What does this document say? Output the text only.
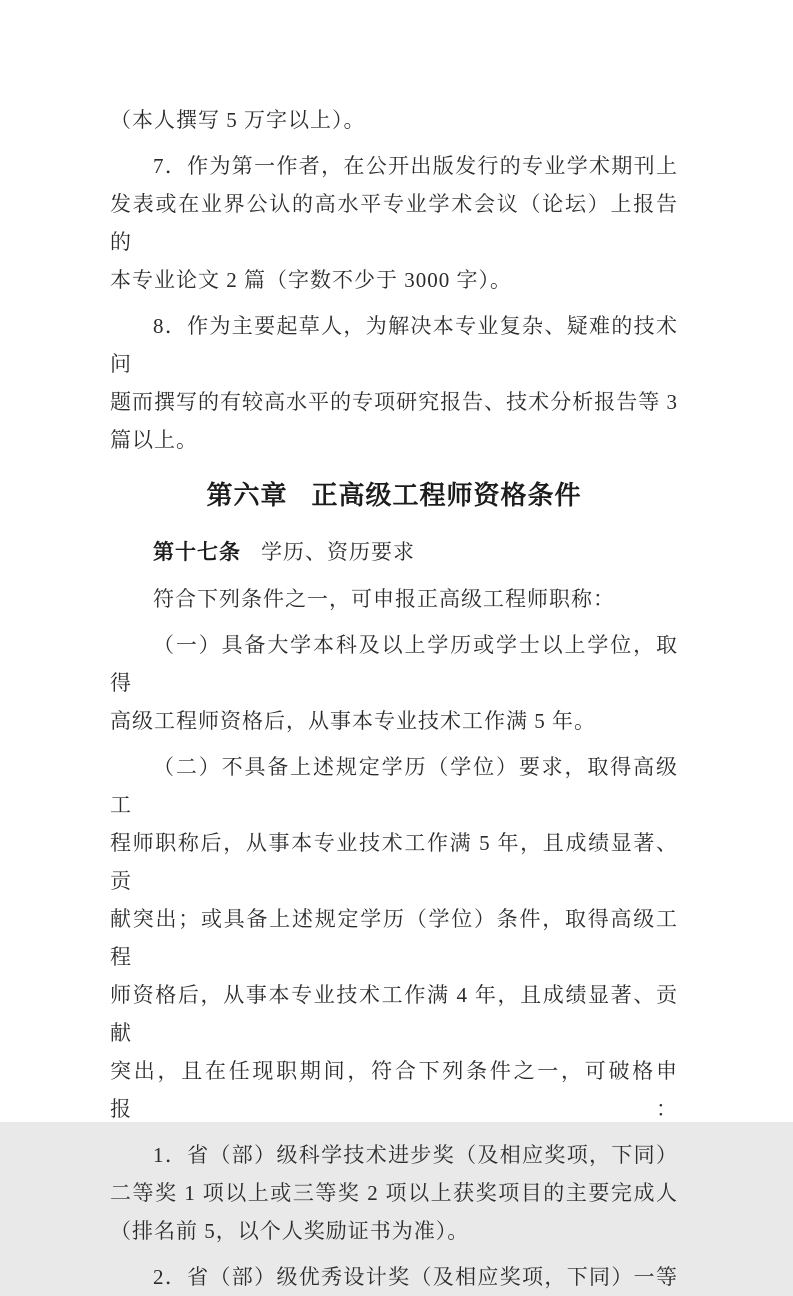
（本人撰写 5 万字以上）。

7．作为第一作者，在公开出版发行的专业学术期刊上
发表或在业界公认的高水平专业学术会议（论坛）上报告的
本专业论文 2 篇（字数不少于 3000 字）。

8．作为主要起草人，为解决本专业复杂、疑难的技术问
题而撰写的有较高水平的专项研究报告、技术分析报告等 3
篇以上。

第六章 正高级工程师资格条件

第十七条 学历、资历要求

符合下列条件之一，可申报正高级工程师职称：

（一）具备大学本科及以上学历或学士以上学位，取得
高级工程师资格后，从事本专业技术工作满 5 年。

（二）不具备上述规定学历（学位）要求，取得高级工
程师职称后，从事本专业技术工作满 5 年，且成绩显著、贡
献突出；或具备上述规定学历（学位）条件，取得高级工程
师资格后，从事本专业技术工作满 4 年，且成绩显著、贡献
突出，且在任现职期间，符合下列条件之一，可破格申报：

1．省（部）级科学技术进步奖（及相应奖项，下同）
二等奖 1 项以上或三等奖 2 项以上获奖项目的主要完成人
（排名前 5，以个人奖励证书为准）。

2．省（部）级优秀设计奖（及相应奖项，下同）一等
